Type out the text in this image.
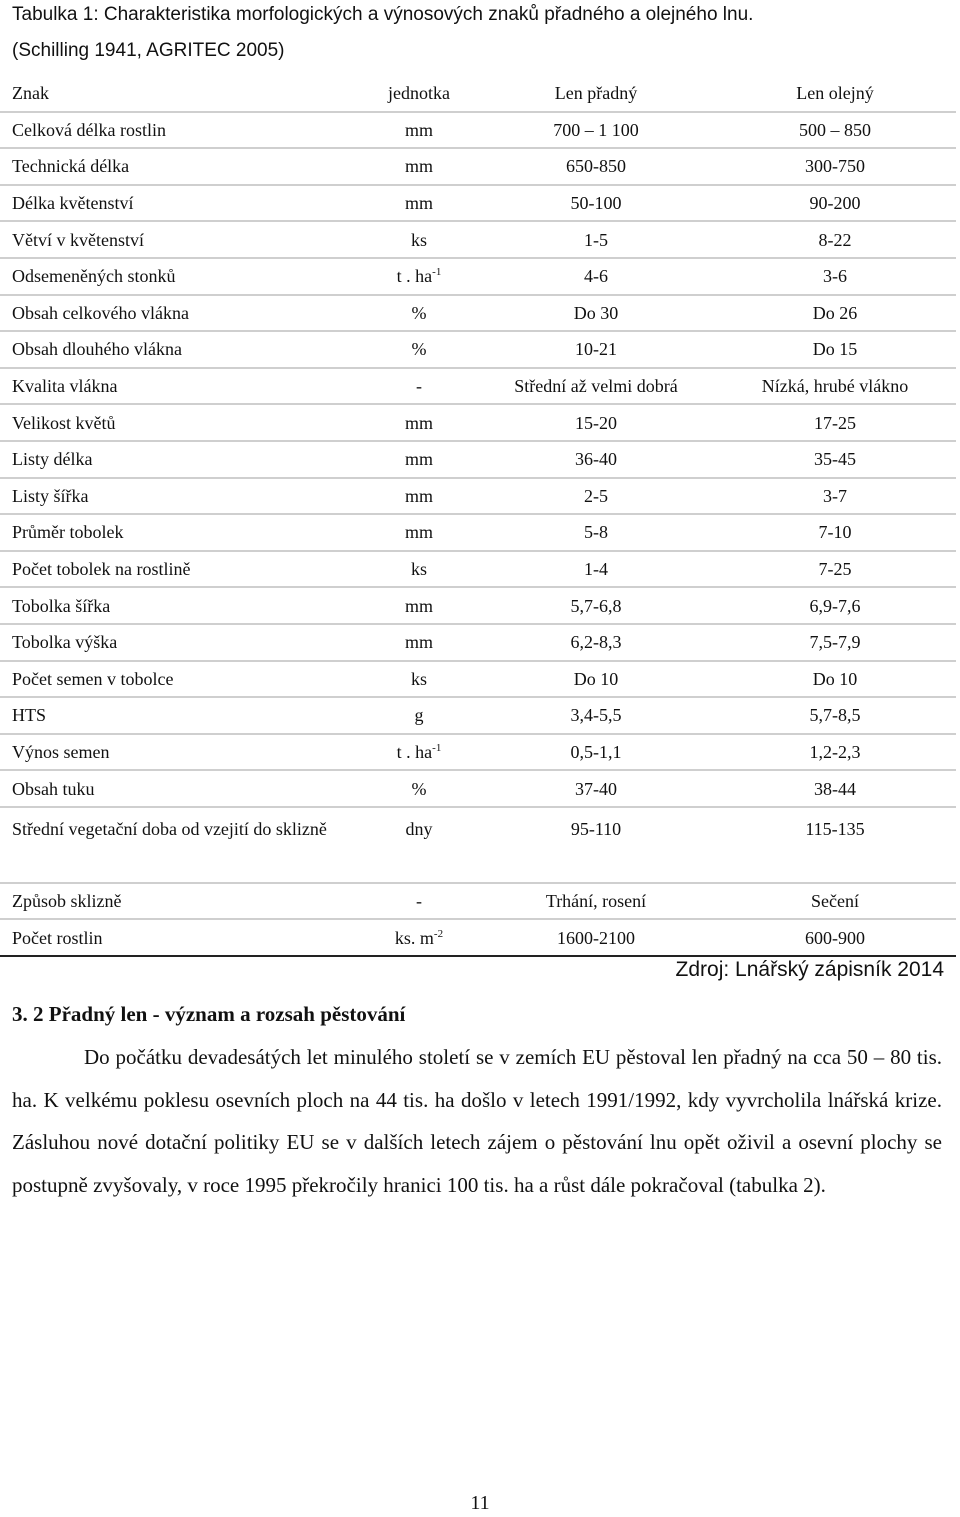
Tabulka 1: Charakteristika morfologických a výnosových znaků přadného a olejného lnu.
(Schilling 1941, AGRITEC 2005)
Znak	jednotka	Len přadný	Len olejný
Celková délka rostlin	mm	700 – 1 100	500 – 850
Technická délka	mm	650-850	300-750
Délka květenství	mm	50-100	90-200
Větví v květenství	ks	1-5	8-22
Odsemeněných stonků	t . $ha^{-1}$	4-6	3-6
Obsah celkového vlákna	%	Do 30	Do 26
Obsah dlouhého vlákna	%	10-21	Do 15
Kvalita vlákna	-	Střední až velmi dobrá	Nízká, hrubé vlákno
Velikost květů	mm	15-20	17-25
Listy délka	mm	36-40	35-45
Listy šířka	mm	2-5	3-7
Průměr tobolek	mm	5-8	7-10
Počet tobolek na rostlině	ks	1-4	7-25
Tobolka šířka	mm	5,7-6,8	6,9-7,6
Tobolka výška	mm	6,2-8,3	7,5-7,9
Počet semen v tobolce	ks	Do 10	Do 10
HTS	g	3,4-5,5	5,7-8,5
Výnos semen	t . $ha^{-1}$	0,5-1,1	1,2-2,3
Obsah tuku	%	37-40	38-44
Střední vegetační doba od vzejití do sklizně	dny	95-110	115-135
Způsob sklizně	-	Trhání, rosení	Sečení
Počet rostlin	ks. $m^{-2}$	1600-2100	600-900
Zdroj: Lnářský zápisník 2014
3. 2 Přadný len - význam a rozsah pěstování
Do počátku devadesátých let minulého století se v zemích EU pěstoval len přadný na cca 50 – 80 tis. ha. K velkému poklesu osevních ploch na 44 tis. ha došlo v letech 1991/1992, kdy vyvrcholila lnářská krize. Zásluhou nové dotační politiky EU se v dalších letech zájem o pěstování lnu opět oživil a osevní plochy se postupně zvyšovaly, v roce 1995 překročily hranici 100 tis. ha a růst dále pokračoval (tabulka 2).
11
